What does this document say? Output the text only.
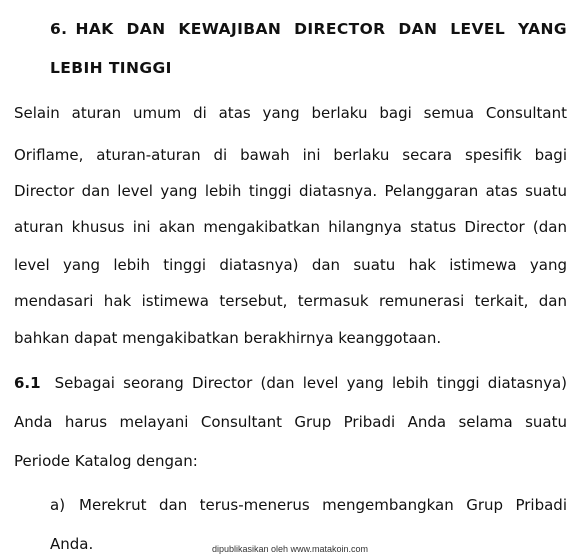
6. HAK DAN KEWAJIBAN DIRECTOR DAN LEVEL YANG
LEBIH TINGGI
Selain aturan umum di atas yang berlaku bagi semua Consultant
Oriflame, aturan-aturan di bawah ini berlaku secara spesifik bagi
Director dan level yang lebih tinggi diatasnya. Pelanggaran atas suatu
aturan khusus ini akan mengakibatkan hilangnya status Director (dan
level yang lebih tinggi diatasnya) dan suatu hak istimewa yang
mendasari hak istimewa tersebut, termasuk remunerasi terkait, dan
bahkan dapat mengakibatkan berakhirnya keanggotaan.
6.1 Sebagai seorang Director (dan level yang lebih tinggi diatasnya)
Anda harus melayani Consultant Grup Pribadi Anda selama suatu
Periode Katalog dengan:
a) Merekrut dan terus-menerus mengembangkan Grup Pribadi
Anda.	dipublikasikan oleh www.matakoin.com
